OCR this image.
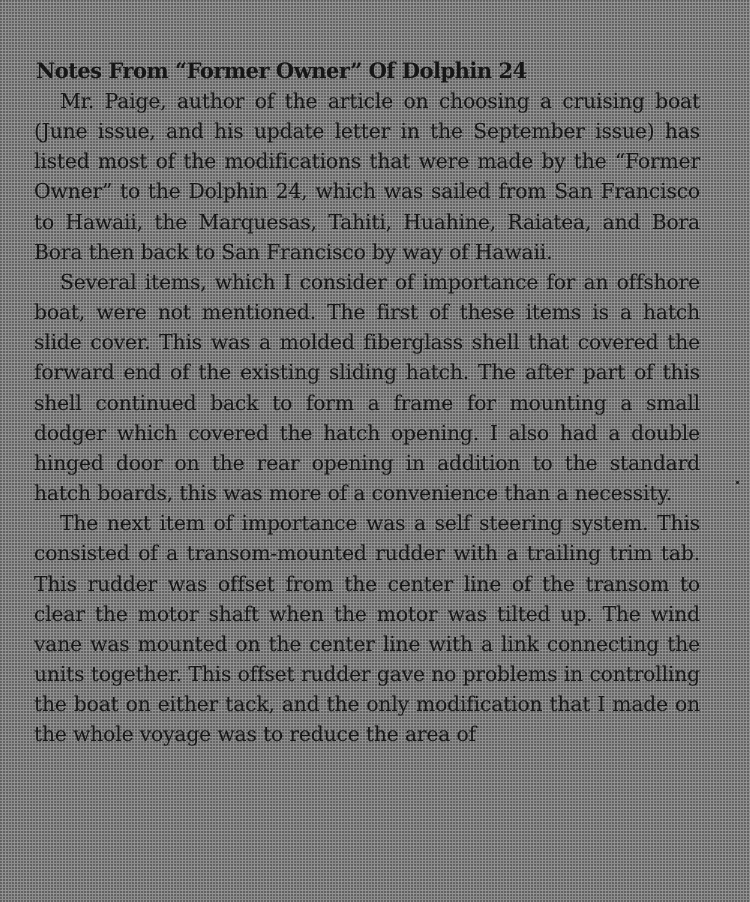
Notes From “Former Owner” Of Dolphin 24

Mr. Paige, author of the article on choosing a cruising boat (June issue, and his update letter in the September issue) has listed most of the modifications that were made by the “Former Owner” to the Dolphin 24, which was sailed from San Francisco to Hawaii, the Marquesas, Tahiti, Huahine, Raiatea, and Bora Bora then back to San Francisco by way of Hawaii.

Several items, which I consider of importance for an offshore boat, were not mentioned. The first of these items is a hatch slide cover. This was a molded fiberglass shell that covered the forward end of the existing sliding hatch. The after part of this shell continued back to form a frame for mounting a small dodger which covered the hatch opening. I also had a double hinged door on the rear opening in addition to the standard hatch boards, this was more of a convenience than a necessity.

The next item of importance was a self steering system. This consisted of a transom-mounted rudder with a trailing trim tab. This rudder was offset from the center line of the transom to clear the motor shaft when the motor was tilted up. The wind vane was mounted on the center line with a link connecting the units together. This offset rudder gave no problems in controlling the boat on either tack, and the only modification that I made on the whole voyage was to reduce the area of
